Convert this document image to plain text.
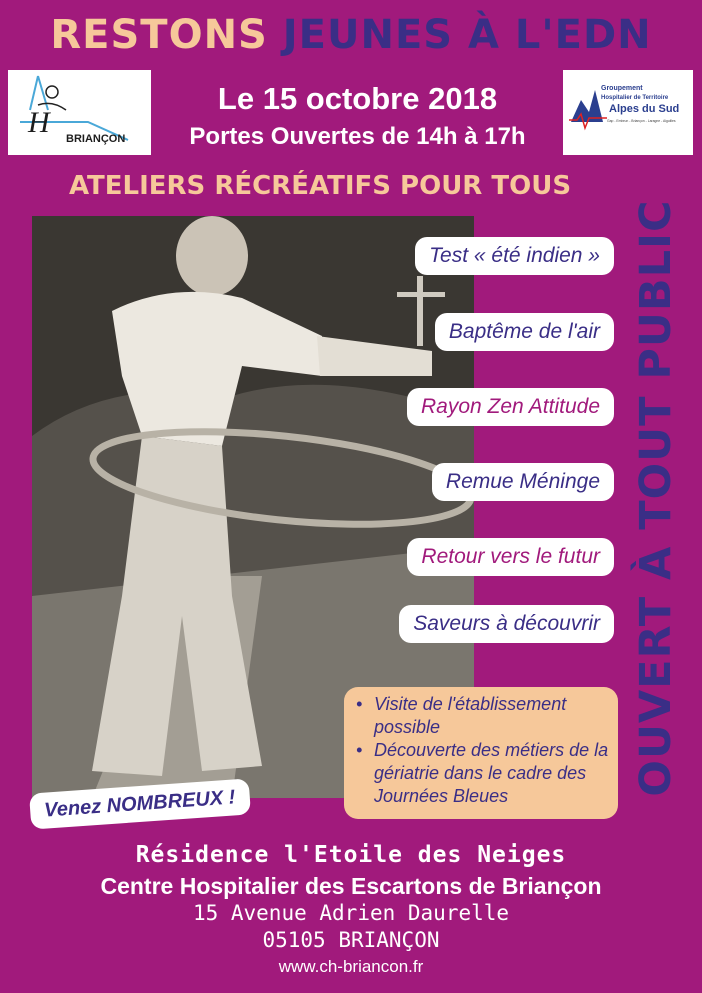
RESTONS JEUNES À L'EDN
H BRIANÇON
Groupement
Hospitalier de Territoire
Alpes du Sud
Gap - Embrun - Briançon - Laragne - Aiguilles
Le 15 octobre 2018
Portes Ouvertes de 14h à 17h
ATELIERS RÉCRÉATIFS POUR TOUS
Test « été indien »
Baptême de l'air
Rayon Zen Attitude
Remue Méninge
Retour vers le futur
Saveurs à découvrir OUVERT À TOUT PUBLIC
• Visite de l'établissement possible
• Découverte des métiers de la gériatrie dans le cadre des Journées Bleues
Venez NOMBREUX !
Résidence l'Etoile des Neiges
Centre Hospitalier des Escartons de Briançon
15 Avenue Adrien Daurelle
05105 BRIANÇON
www.ch-briancon.fr
